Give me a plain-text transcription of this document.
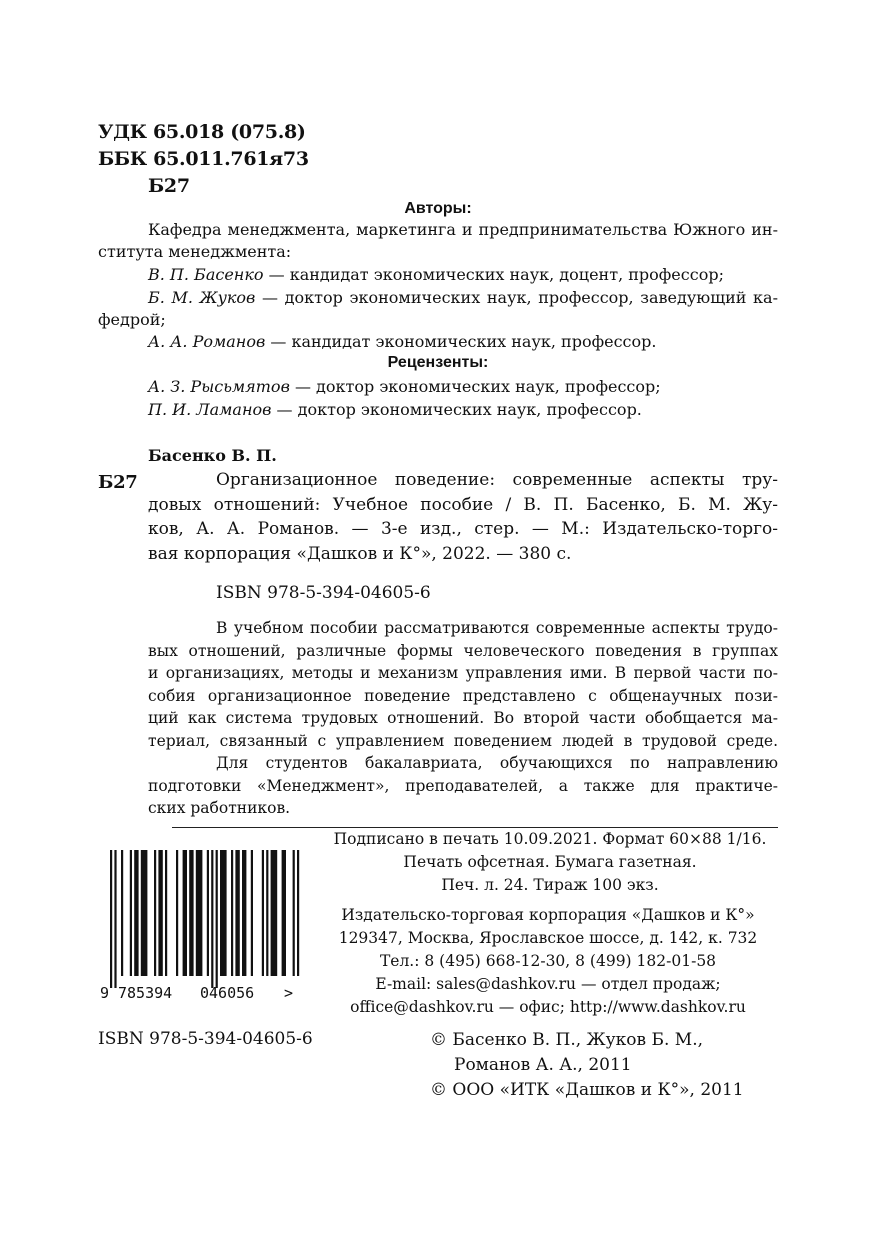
УДК 65.018 (075.8)
ББК 65.011.761я73
Б27
Авторы:
Кафедра менеджмента, маркетинга и предпринимательства Южного ин-
ститута менеджмента:
В. П. Басенко — кандидат экономических наук, доцент, профессор;
Б. М. Жуков — доктор экономических наук, профессор, заведующий ка-
федрой;
А. А. Романов — кандидат экономических наук, профессор.
Рецензенты:
А. З. Рысьмятов — доктор экономических наук, профессор;
П. И. Ламанов — доктор экономических наук, профессор.
Басенко В. П.
Б27	Организационное поведение: современные аспекты тру-
довых отношений: Учебное пособие / В. П. Басенко, Б. М. Жу-
ков, А. А. Романов. — 3-е изд., стер. — М.: Издательско-торго-
вая корпорация «Дашков и К°», 2022. — 380 с.
ISBN 978-5-394-04605-6
В учебном пособии рассматриваются современные аспекты трудо-
вых отношений, различные формы человеческого поведения в группах
и организациях, методы и механизм управления ими. В первой части по-
собия организационное поведение представлено с общенаучных пози-
ций как система трудовых отношений. Во второй части обобщается ма-
териал, связанный с управлением поведением людей в трудовой среде.
Для студентов бакалавриата, обучающихся по направлению
подготовки «Менеджмент», преподавателей, а также для практиче-
ских работников.
9 785394 046056 >
Подписано в печать 10.09.2021. Формат 60×88 1/16.
Печать офсетная. Бумага газетная.
Печ. л. 24. Тираж 100 экз.
Издательско-торговая корпорация «Дашков и К°»
129347, Москва, Ярославское шоссе, д. 142, к. 732
Тел.: 8 (495) 668-12-30, 8 (499) 182-01-58
E-mail: sales@dashkov.ru — отдел продаж;
office@dashkov.ru — офис; http://www.dashkov.ru
ISBN 978-5-394-04605-6	© Басенко В. П., Жуков Б. М.,
Романов А. А., 2011
© ООО «ИТК «Дашков и К°», 2011
